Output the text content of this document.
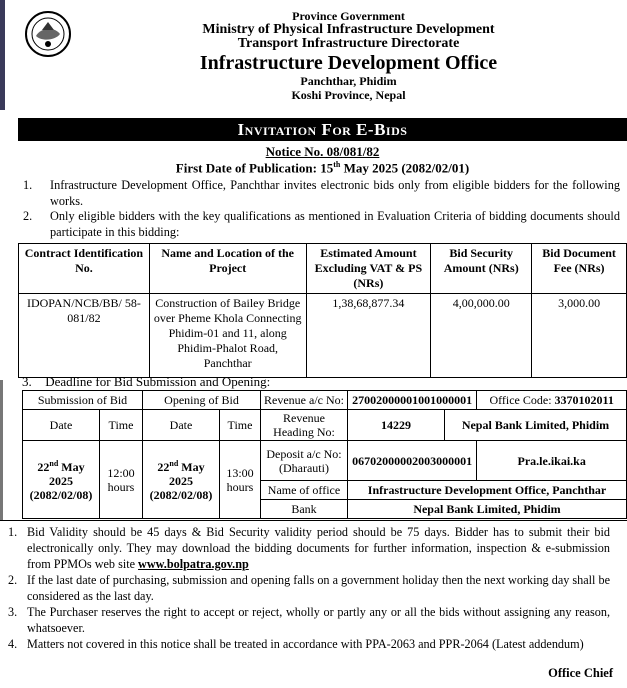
Province Government
Ministry of Physical Infrastructure Development
Transport Infrastructure Directorate
Infrastructure Development Office
Panchthar, Phidim
Koshi Province, Nepal
Invitation For E-Bids
Notice No. 08/081/82
First Date of Publication: 15th May 2025 (2082/02/01)
1.	Infrastructure Development Office, Panchthar invites electronic bids only from eligible bidders for the following works.
2.	Only eligible bidders with the key qualifications as mentioned in Evaluation Criteria of bidding documents should participate in this bidding:
Contract Identification No.	Name and Location of the Project	Estimated Amount Excluding VAT & PS (NRs)	Bid Security Amount (NRs)	Bid Document Fee (NRs)
IDOPAN/NCB/BB/ 58-081/82	Construction of Bailey Bridge over Pheme Khola Connecting Phidim-01 and 11, along Phidim-Phalot Road, Panchthar	1,38,68,877.34	4,00,000.00	3,000.00
3. Deadline for Bid Submission and Opening:
Submission of Bid		Opening of Bid		Revenue a/c No:	27002000001001000001		Office Code: 3370102011
Date	Time	Date	Time	Revenue Heading No:	14229	Nepal Bank Limited, Phidim	
22nd May
2025
(2082/02/08)	12:00 hours	22nd May
2025
(2082/02/08)	13:00 hours	Deposit a/c No: (Dharauti)	06702000002003000001		Pra.le.ikai.ka
				Name of office	Infrastructure Development Office, Panchthar		
				Bank	Nepal Bank Limited, Phidim		
1. Bid Validity should be 45 days & Bid Security validity period should be 75 days. Bidder has to submit their bid electronically only. They may download the bidding documents for further information, inspection & e-submission from PPMOs web site www.bolpatra.gov.np
2. If the last date of purchasing, submission and opening falls on a government holiday then the next working day shall be considered as the last day.
3. The Purchaser reserves the right to accept or reject, wholly or partly any or all the bids without assigning any reason, whatsoever.
4. Matters not covered in this notice shall be treated in accordance with PPA-2063 and PPR-2064 (Latest addendum)
Office Chief
